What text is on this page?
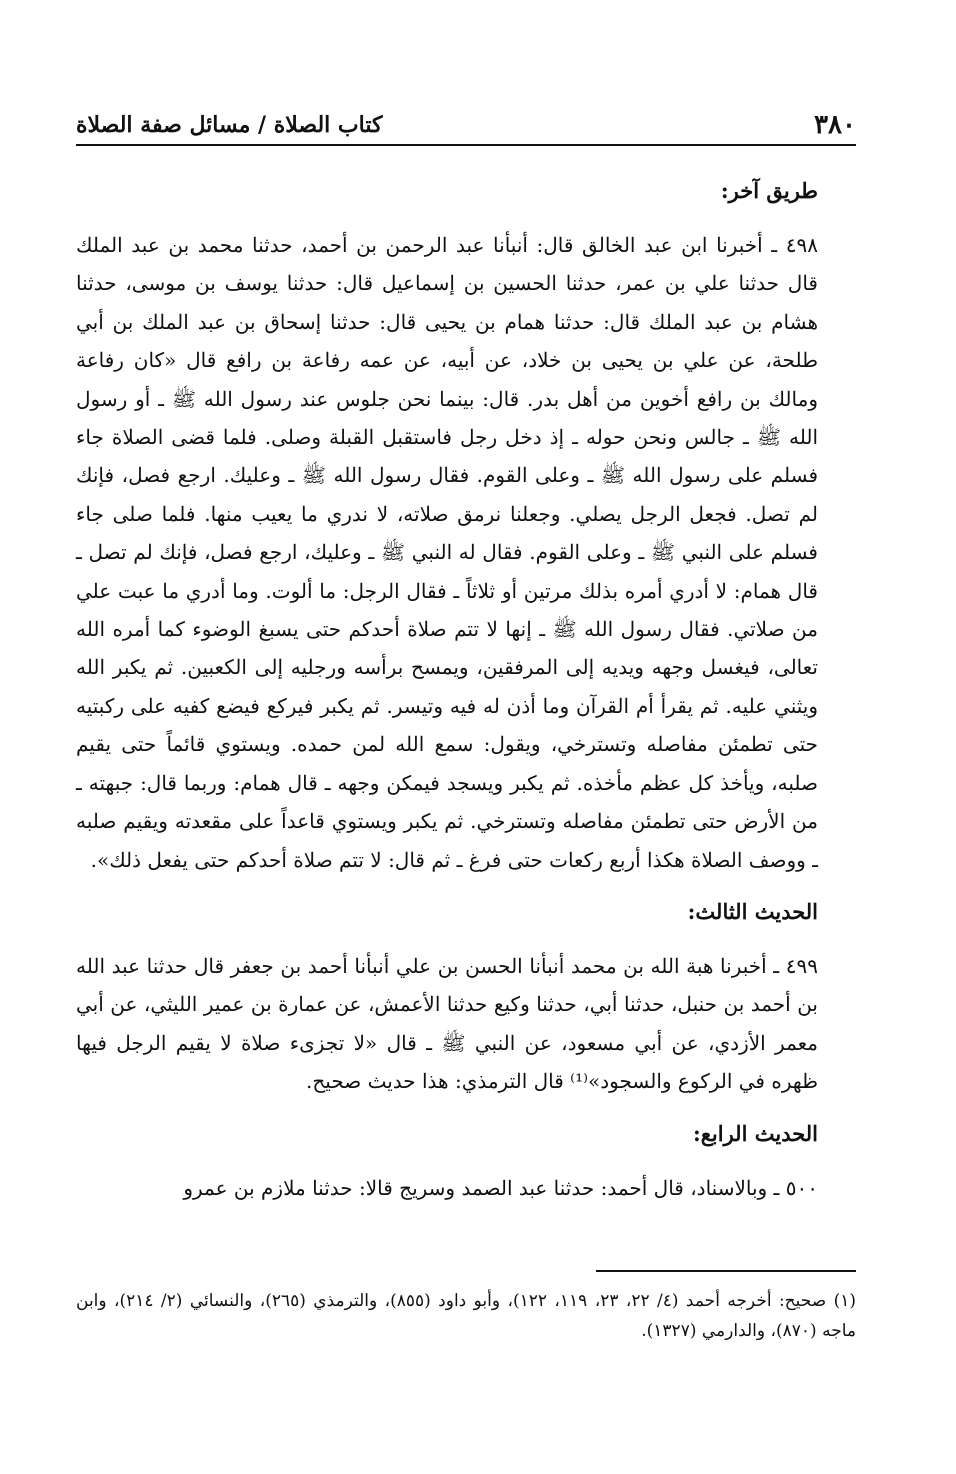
٣٨٠
كتاب الصلاة / مسائل صفة الصلاة
طريق آخر:

٤٩٨ ـ أخبرنا ابن عبد الخالق قال: أنبأنا عبد الرحمن بن أحمد، حدثنا محمد بن عبد الملك قال حدثنا علي بن عمر، حدثنا الحسين بن إسماعيل قال: حدثنا يوسف بن موسى، حدثنا هشام بن عبد الملك قال: حدثنا همام بن يحيى قال: حدثنا إسحاق بن عبد الملك بن أبي طلحة، عن علي بن يحيى بن خلاد، عن أبيه، عن عمه رفاعة بن رافع قال «كان رفاعة ومالك بن رافع أخوين من أهل بدر. قال: بينما نحن جلوس عند رسول الله ﷺ ـ أو رسول الله ﷺ ـ جالس ونحن حوله ـ إذ دخل رجل فاستقبل القبلة وصلى. فلما قضى الصلاة جاء فسلم على رسول الله ﷺ ـ وعلى القوم. فقال رسول الله ﷺ ـ وعليك. ارجع فصل، فإنك لم تصل. فجعل الرجل يصلي. وجعلنا نرمق صلاته، لا ندري ما يعيب منها. فلما صلى جاء فسلم على النبي ﷺ ـ وعلى القوم. فقال له النبي ﷺ ـ وعليك، ارجع فصل، فإنك لم تصل ـ قال همام: لا أدري أمره بذلك مرتين أو ثلاثاً ـ فقال الرجل: ما ألوت. وما أدري ما عبت علي من صلاتي. فقال رسول الله ﷺ ـ إنها لا تتم صلاة أحدكم حتى يسبغ الوضوء كما أمره الله تعالى، فيغسل وجهه ويديه إلى المرفقين، ويمسح برأسه ورجليه إلى الكعبين. ثم يكبر الله ويثني عليه. ثم يقرأ أم القرآن وما أذن له فيه وتيسر. ثم يكبر فيركع فيضع كفيه على ركبتيه حتى تطمئن مفاصله وتسترخي، ويقول: سمع الله لمن حمده. ويستوي قائماً حتى يقيم صلبه، ويأخذ كل عظم مأخذه. ثم يكبر ويسجد فيمكن وجهه ـ قال همام: وربما قال: جبهته ـ من الأرض حتى تطمئن مفاصله وتسترخي. ثم يكبر ويستوي قاعداً على مقعدته ويقيم صلبه ـ ووصف الصلاة هكذا أربع ركعات حتى فرغ ـ ثم قال: لا تتم صلاة أحدكم حتى يفعل ذلك».

الحديث الثالث:

٤٩٩ ـ أخبرنا هبة الله بن محمد أنبأنا الحسن بن علي أنبأنا أحمد بن جعفر قال حدثنا عبد الله بن أحمد بن حنبل، حدثنا أبي، حدثنا وكيع حدثنا الأعمش، عن عمارة بن عمير الليثي، عن أبي معمر الأزدي، عن أبي مسعود، عن النبي ﷺ ـ قال «لا تجزىء صلاة لا يقيم الرجل فيها ظهره في الركوع والسجود»⁽¹⁾ قال الترمذي: هذا حديث صحيح.

الحديث الرابع:

٥٠٠ ـ وبالاسناد، قال أحمد: حدثنا عبد الصمد وسريج قالا: حدثنا ملازم بن عمرو

(١) صحيح: أخرجه أحمد (٤/ ٢٢، ٢٣، ١١٩، ١٢٢)، وأبو داود (٨٥٥)، والترمذي (٢٦٥)، والنسائي (٢/ ٢١٤)، وابن ماجه (٨٧٠)، والدارمي (١٣٢٧).
